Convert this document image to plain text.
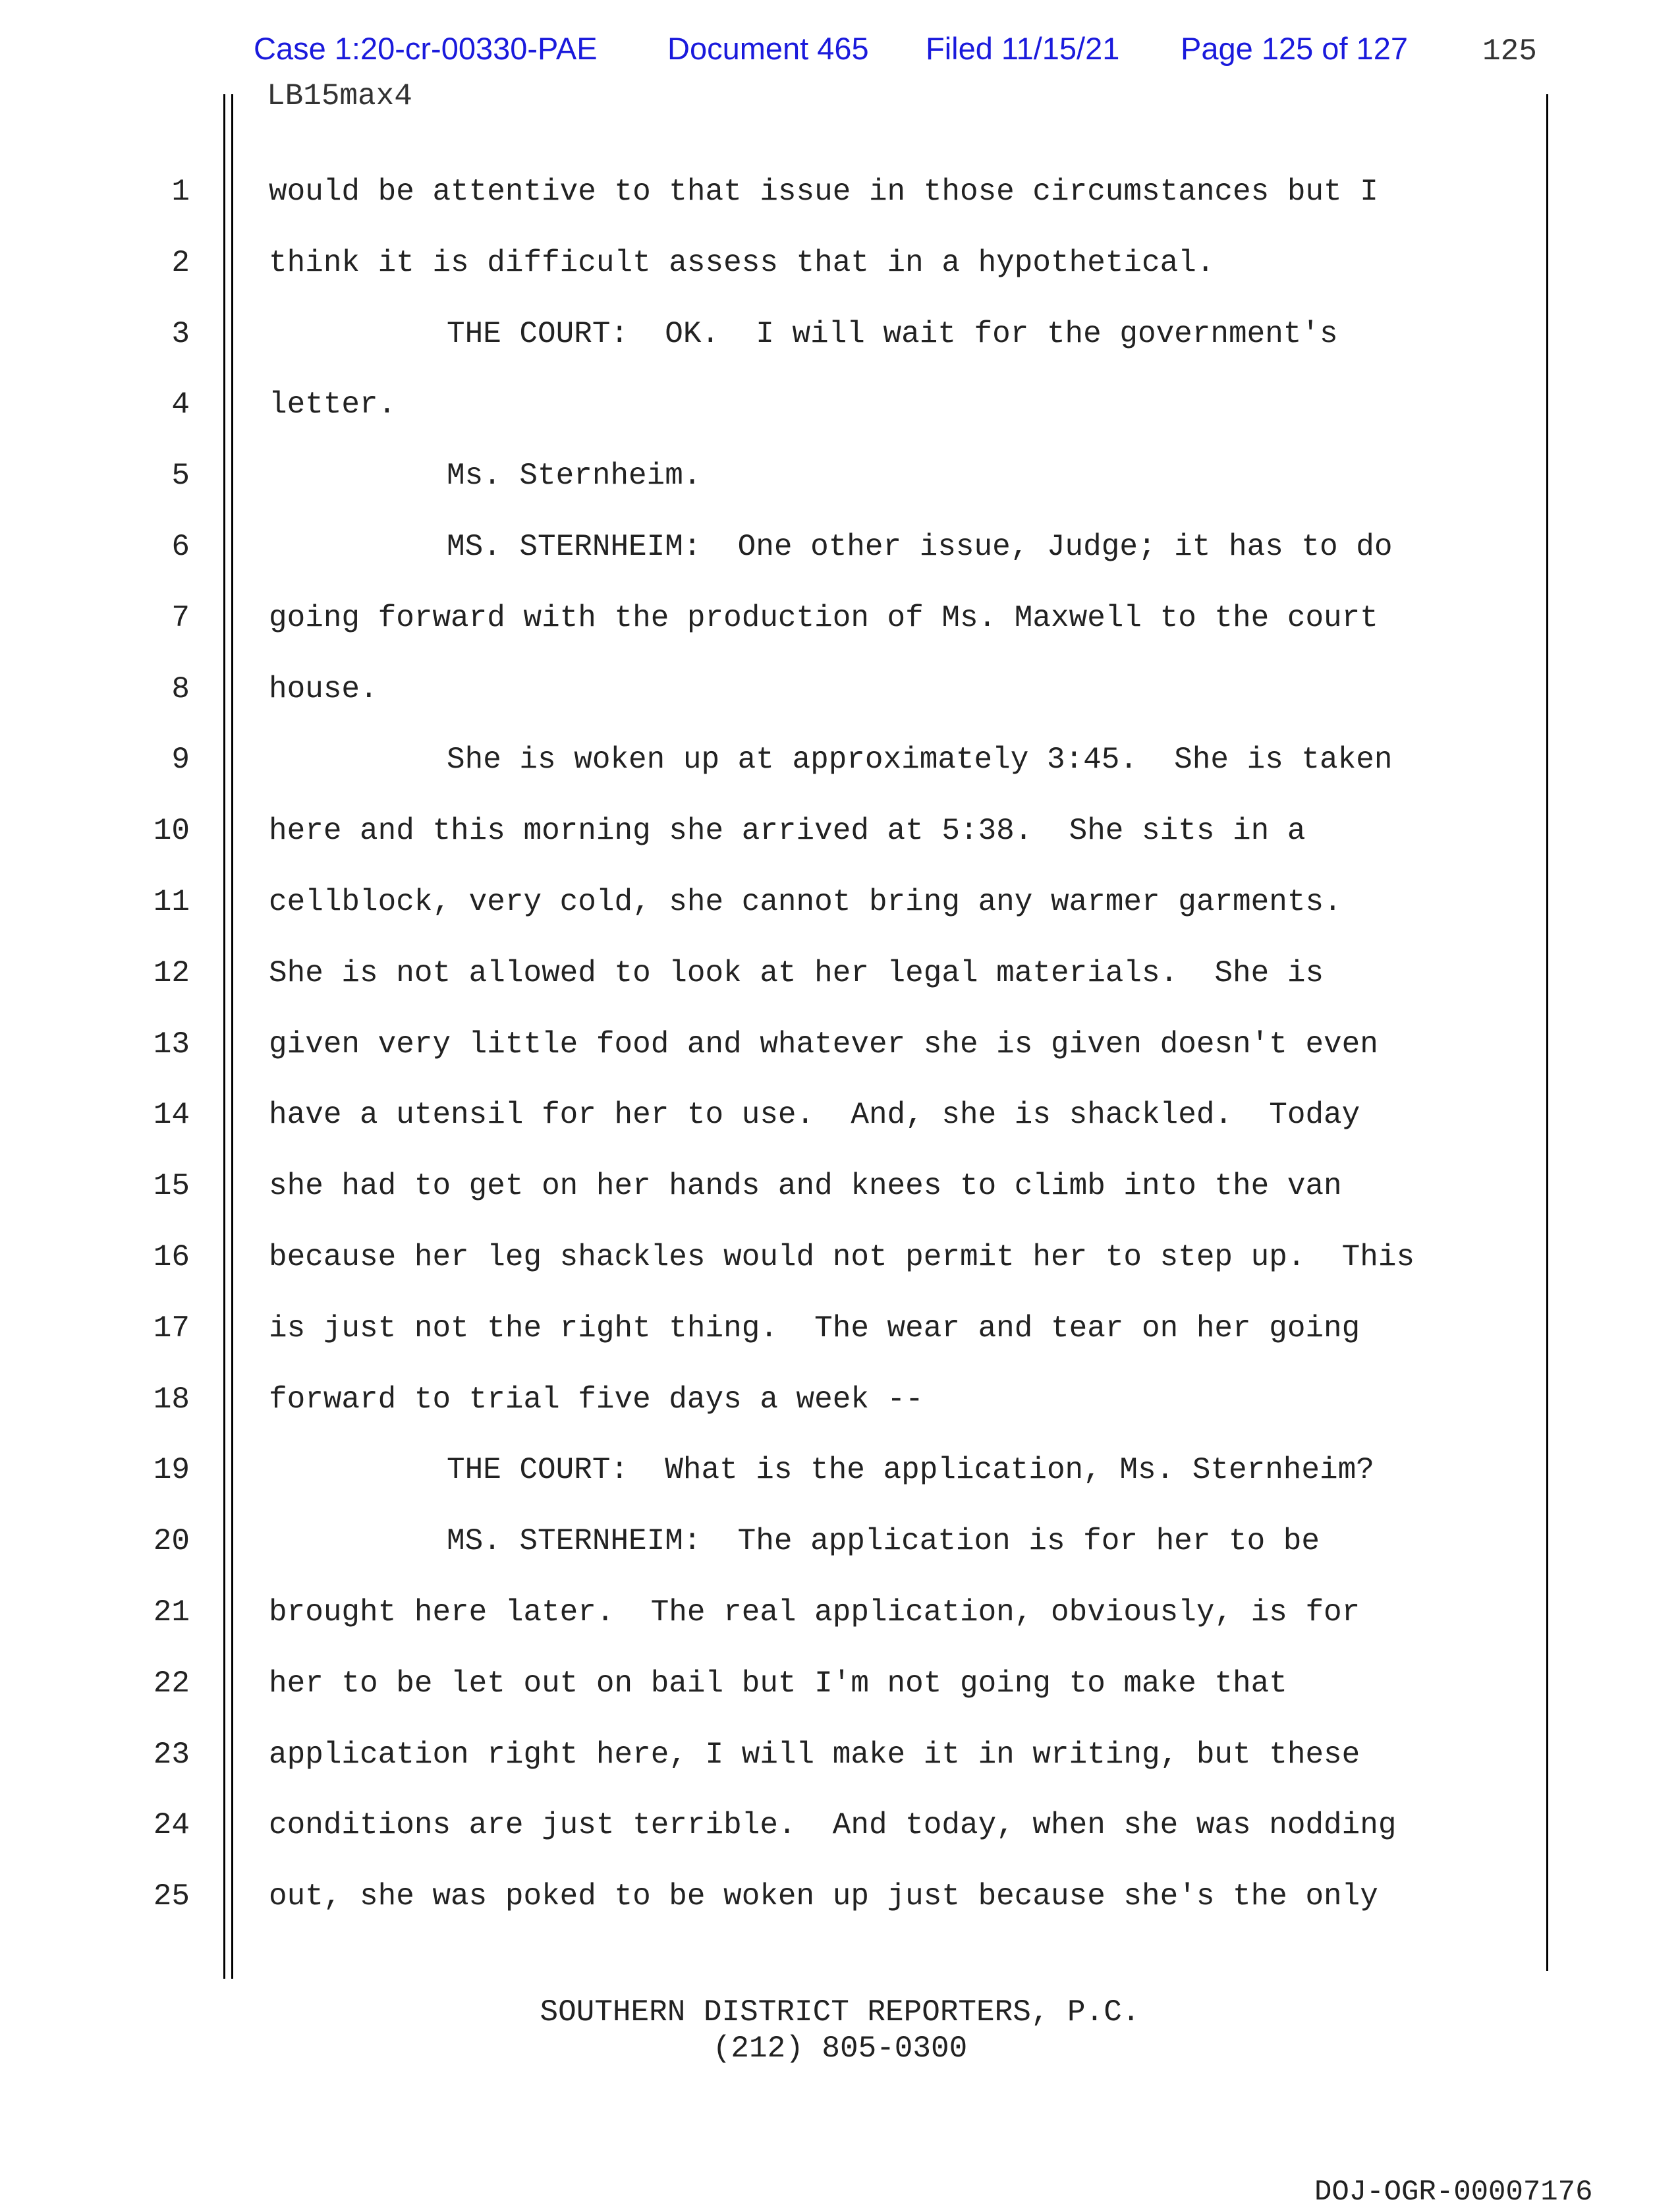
Case 1:20-cr-00330-PAE Document 465 Filed 11/15/21 Page 125 of 127 125
LB15max4
1	would be attentive to that issue in those circumstances but I
2	think it is difficult assess that in a hypothetical.
3	THE COURT:  OK.  I will wait for the government's
4	letter.
5	Ms. Sternheim.
6	MS. STERNHEIM:  One other issue, Judge; it has to do
7	going forward with the production of Ms. Maxwell to the court
8	house.
9	She is woken up at approximately 3:45.  She is taken
10	here and this morning she arrived at 5:38.  She sits in a
11	cellblock, very cold, she cannot bring any warmer garments.
12	She is not allowed to look at her legal materials.  She is
13	given very little food and whatever she is given doesn't even
14	have a utensil for her to use.  And, she is shackled.  Today
15	she had to get on her hands and knees to climb into the van
16	because her leg shackles would not permit her to step up.  This
17	is just not the right thing.  The wear and tear on her going
18	forward to trial five days a week --
19	THE COURT:  What is the application, Ms. Sternheim?
20	MS. STERNHEIM:  The application is for her to be
21	brought here later.  The real application, obviously, is for
22	her to be let out on bail but I'm not going to make that
23	application right here, I will make it in writing, but these
24	conditions are just terrible.  And today, when she was nodding
25	out, she was poked to be woken up just because she's the only
SOUTHERN DISTRICT REPORTERS, P.C.
(212) 805-0300
DOJ-OGR-00007176
